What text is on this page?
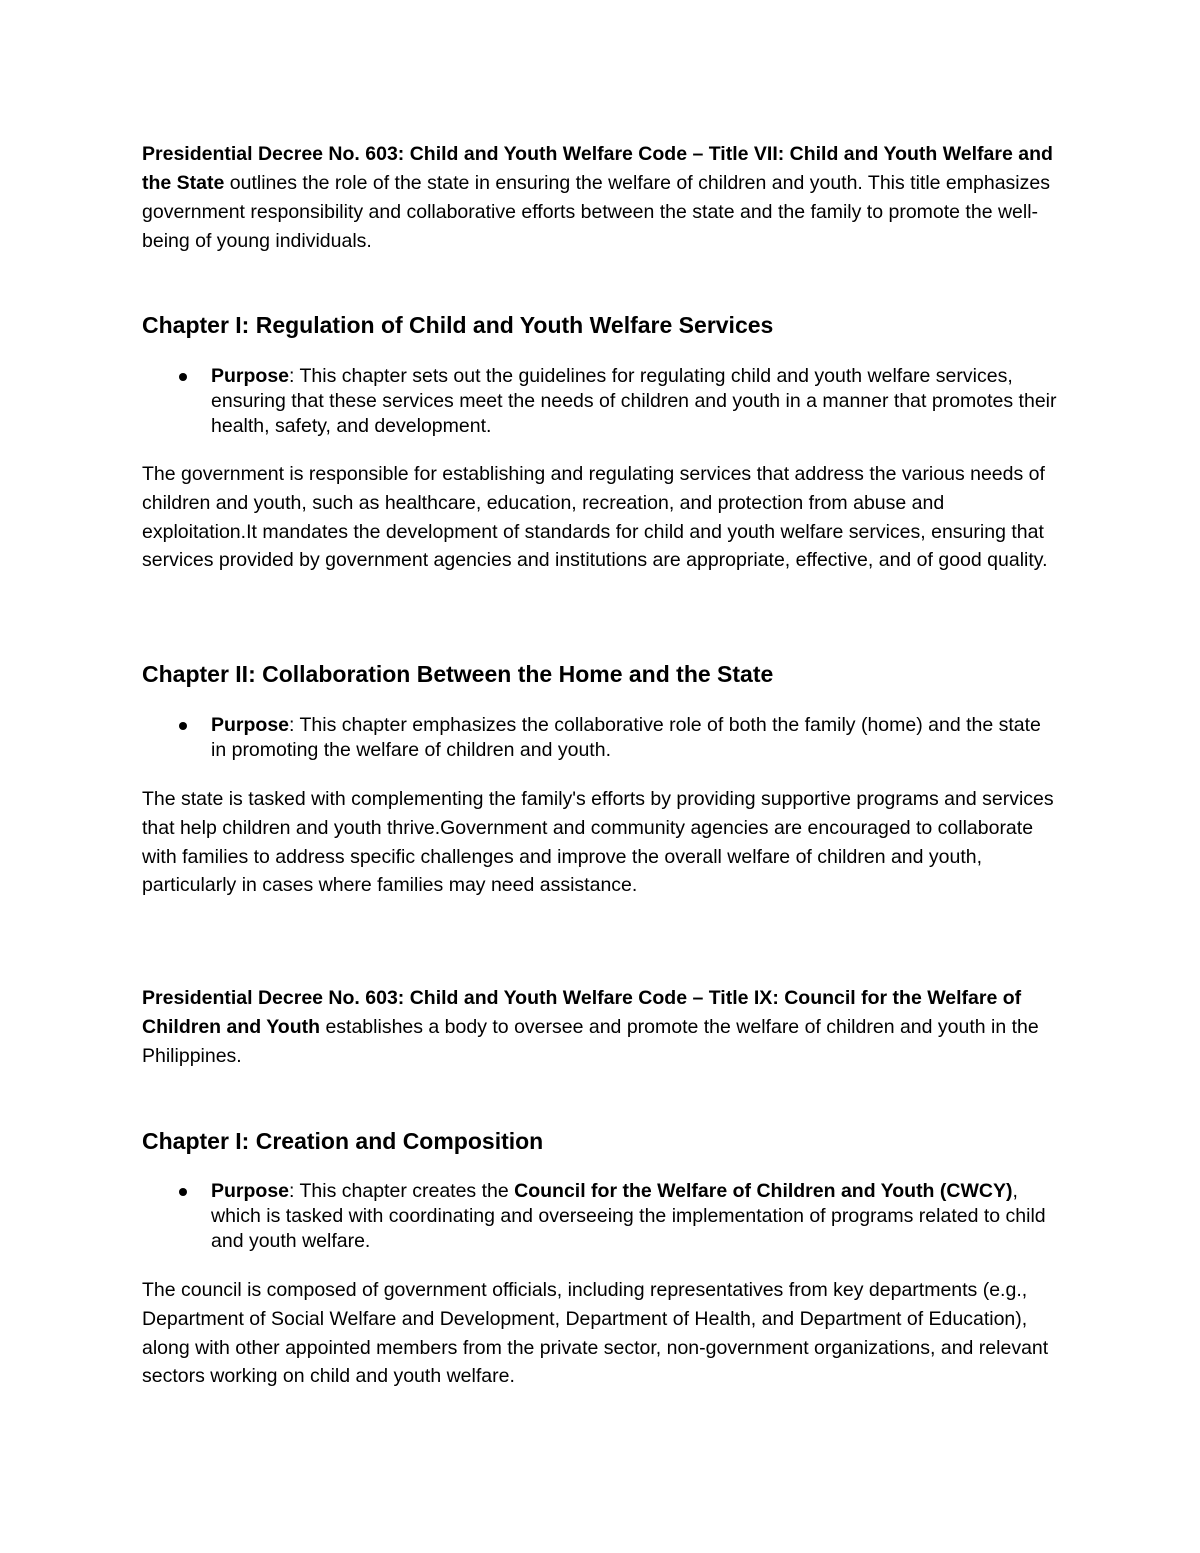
Presidential Decree No. 603: Child and Youth Welfare Code – Title VII: Child and Youth Welfare and the State outlines the role of the state in ensuring the welfare of children and youth. This title emphasizes government responsibility and collaborative efforts between the state and the family to promote the well-being of young individuals.

Chapter I: Regulation of Child and Youth Welfare Services
Purpose: This chapter sets out the guidelines for regulating child and youth welfare services, ensuring that these services meet the needs of children and youth in a manner that promotes their health, safety, and development.

The government is responsible for establishing and regulating services that address the various needs of children and youth, such as healthcare, education, recreation, and protection from abuse and exploitation.It mandates the development of standards for child and youth welfare services, ensuring that services provided by government agencies and institutions are appropriate, effective, and of good quality.

Chapter II: Collaboration Between the Home and the State
Purpose: This chapter emphasizes the collaborative role of both the family (home) and the state in promoting the welfare of children and youth.

The state is tasked with complementing the family's efforts by providing supportive programs and services that help children and youth thrive.Government and community agencies are encouraged to collaborate with families to address specific challenges and improve the overall welfare of children and youth, particularly in cases where families may need assistance.

Presidential Decree No. 603: Child and Youth Welfare Code – Title IX: Council for the Welfare of Children and Youth establishes a body to oversee and promote the welfare of children and youth in the Philippines.

Chapter I: Creation and Composition
Purpose: This chapter creates the Council for the Welfare of Children and Youth (CWCY), which is tasked with coordinating and overseeing the implementation of programs related to child and youth welfare.

The council is composed of government officials, including representatives from key departments (e.g., Department of Social Welfare and Development, Department of Health, and Department of Education), along with other appointed members from the private sector, non-government organizations, and relevant sectors working on child and youth welfare.
